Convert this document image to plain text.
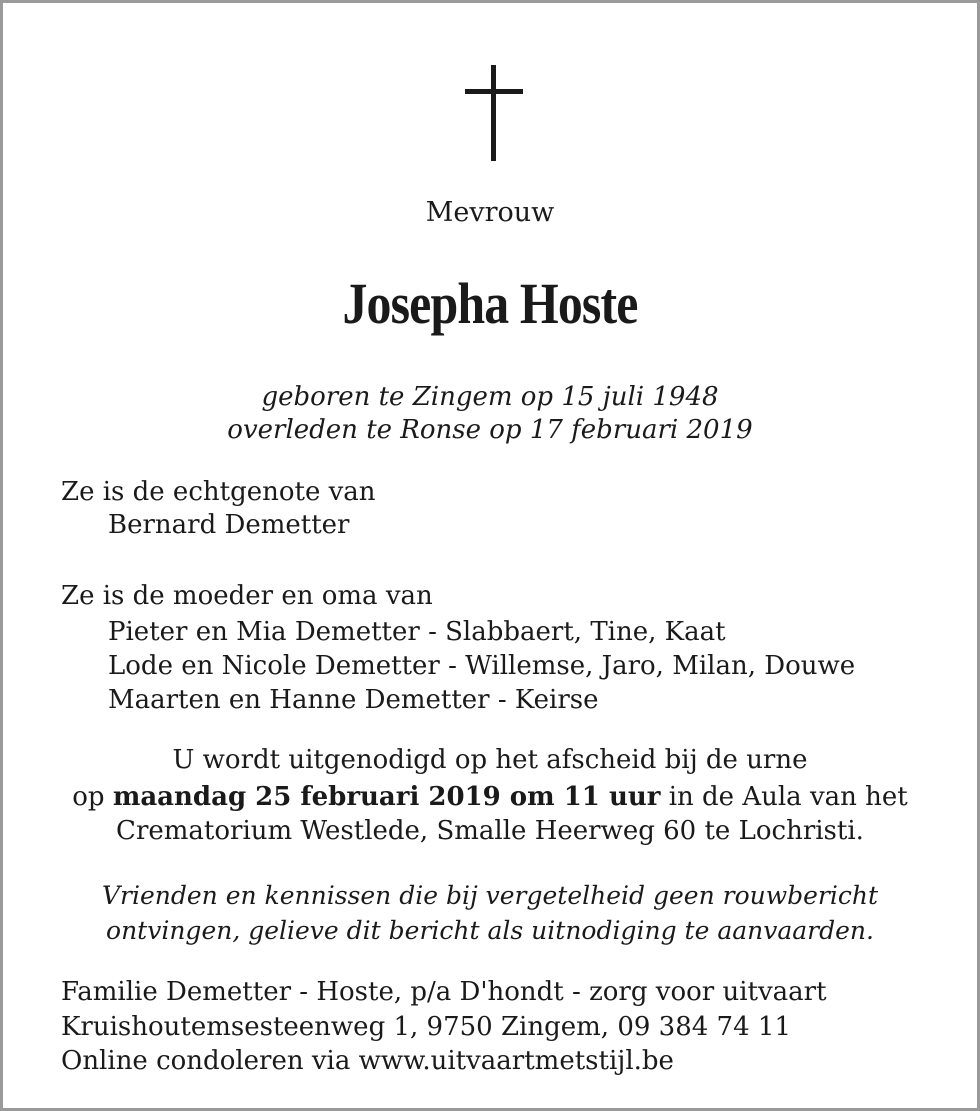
Mevrouw
Josepha Hoste
geboren te Zingem op 15 juli 1948
overleden te Ronse op 17 februari 2019
Ze is de echtgenote van
Bernard Demetter
Ze is de moeder en oma van
Pieter en Mia Demetter - Slabbaert, Tine, Kaat
Lode en Nicole Demetter - Willemse, Jaro, Milan, Douwe
Maarten en Hanne Demetter - Keirse
U wordt uitgenodigd op het afscheid bij de urne
op maandag 25 februari 2019 om 11 uur in de Aula van het
Crematorium Westlede, Smalle Heerweg 60 te Lochristi.
Vrienden en kennissen die bij vergetelheid geen rouwbericht
ontvingen, gelieve dit bericht als uitnodiging te aanvaarden.
Familie Demetter - Hoste, p/a D'hondt - zorg voor uitvaart
Kruishoutemsesteenweg 1, 9750 Zingem, 09 384 74 11
Online condoleren via www.uitvaartmetstijl.be
